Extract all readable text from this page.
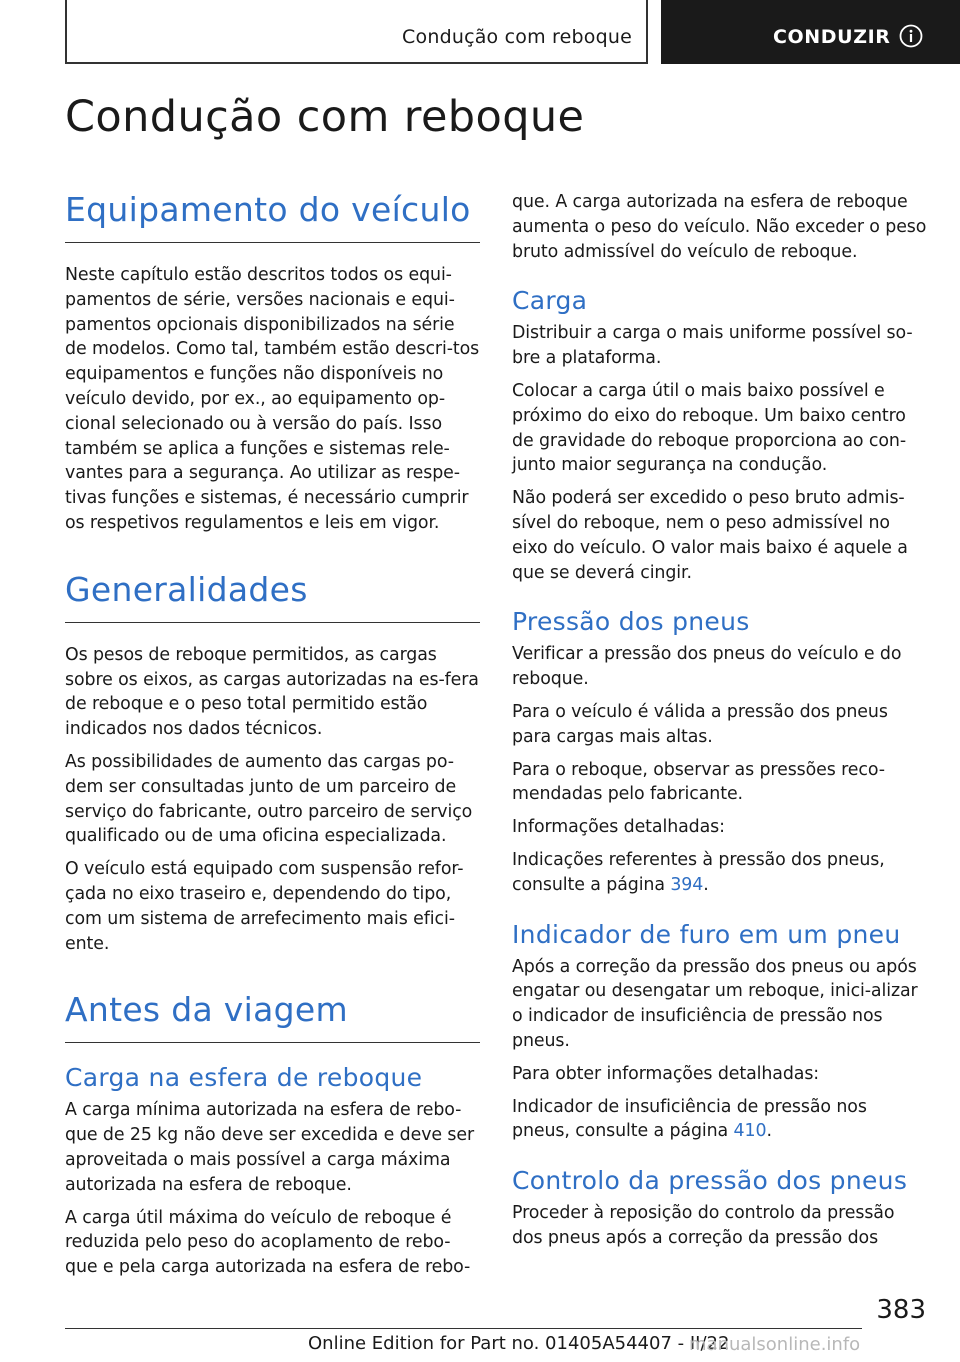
Condução com reboque	CONDUZIR
Condução com reboque
Equipamento do veículo

Neste capítulo estão descritos todos os equi-pamentos de série, versões nacionais e equi-pamentos opcionais disponibilizados na série de modelos. Como tal, também estão descri-tos equipamentos e funções não disponíveis no veículo devido, por ex., ao equipamento op-cional selecionado ou à versão do país. Isso também se aplica a funções e sistemas rele-vantes para a segurança. Ao utilizar as respe-tivas funções e sistemas, é necessário cumprir os respetivos regulamentos e leis em vigor.

Generalidades

Os pesos de reboque permitidos, as cargas sobre os eixos, as cargas autorizadas na es-fera de reboque e o peso total permitido estão indicados nos dados técnicos.

As possibilidades de aumento das cargas po-dem ser consultadas junto de um parceiro de serviço do fabricante, outro parceiro de serviço qualificado ou de uma oficina especializada.

O veículo está equipado com suspensão refor-çada no eixo traseiro e, dependendo do tipo, com um sistema de arrefecimento mais efici-ente.

Antes da viagem
Carga na esfera de reboque

A carga mínima autorizada na esfera de rebo-que de 25 kg não deve ser excedida e deve ser aproveitada o mais possível a carga máxima autorizada na esfera de reboque.

A carga útil máxima do veículo de reboque é reduzida pelo peso do acoplamento de rebo-que e pela carga autorizada na esfera de rebo-

que. A carga autorizada na esfera de reboque aumenta o peso do veículo. Não exceder o peso bruto admissível do veículo de reboque.

Carga

Distribuir a carga o mais uniforme possível so-bre a plataforma.

Colocar a carga útil o mais baixo possível e próximo do eixo do reboque. Um baixo centro de gravidade do reboque proporciona ao con-junto maior segurança na condução.

Não poderá ser excedido o peso bruto admis-sível do reboque, nem o peso admissível no eixo do veículo. O valor mais baixo é aquele a que se deverá cingir.

Pressão dos pneus

Verificar a pressão dos pneus do veículo e do reboque.

Para o veículo é válida a pressão dos pneus para cargas mais altas.

Para o reboque, observar as pressões reco-mendadas pelo fabricante.

Informações detalhadas:

Indicações referentes à pressão dos pneus, consulte a página 394.

Indicador de furo em um pneu

Após a correção da pressão dos pneus ou após engatar ou desengatar um reboque, inici-alizar o indicador de insuficiência de pressão nos pneus.

Para obter informações detalhadas:

Indicador de insuficiência de pressão nos pneus, consulte a página 410.

Controlo da pressão dos pneus

Proceder à reposição do controlo da pressão dos pneus após a correção da pressão dos

383
Online Edition for Part no. 01405A54407 - II/22
manualsonline.info
